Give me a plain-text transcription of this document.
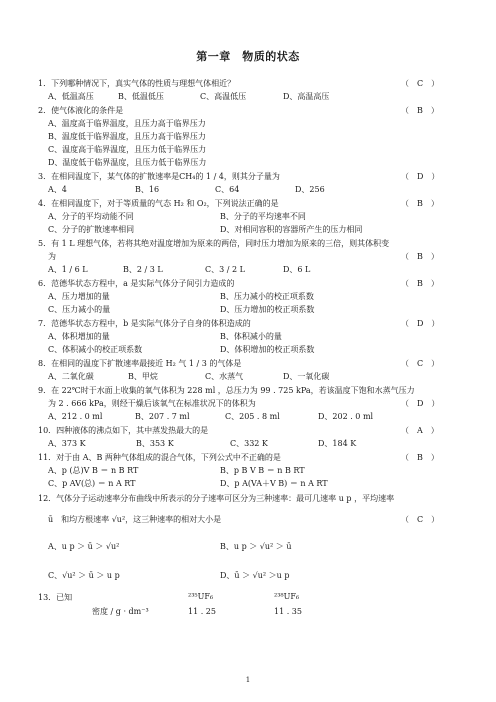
第一章　物质的状态
1．下列哪种情况下，真实气体的性质与理想气体相近？	（　C　）
A、低温高压	B、低温低压	C、高温低压	D、高温高压
2．使气体液化的条件是	（　B　）
A、温度高于临界温度，且压力高于临界压力
B、温度低于临界温度，且压力高于临界压力
C、温度高于临界温度，且压力低于临界压力
D、温度低于临界温度，且压力低于临界压力
3．在相同温度下，某气体的扩散速率是CH₄的 1 / 4，则其分子量为	（　D　）
A、4	B、16	C、64	D、256
4．在相同温度下，对于等质量的气态 H₂ 和 O₂，下列说法正确的是	（　B　）
A、分子的平均动能不同	B、分子的平均速率不同
C、分子的扩散速率相同	D、对相同容积的容器所产生的压力相同
5．有 1 L 理想气体，若将其绝对温度增加为原来的两倍，同时压力增加为原来的三倍，则其体积变
为	（　B　）
A、1 / 6 L	B、2 / 3 L	C、3 / 2 L	D、6 L
6．范德华状态方程中，a 是实际气体分子间引力造成的	（　B　）
A、压力增加的量	B、压力减小的校正项系数
C、压力减小的量	D、压力增加的校正项系数
7．范德华状态方程中，b 是实际气体分子自身的体积造成的	（　D　）
A、体积增加的量	B、体积减小的量
C、体积减小的校正项系数	D、体积增加的校正项系数
8．在相同的温度下扩散速率最接近 H₂ 气 1 / 3 的气体是	（　C　）
A、二氧化碳	B、甲烷	C、水蒸气	D、一氧化碳
9．在 22℃时于水面上收集的氧气体积为 228 ml ，总压力为 99 . 725 kPa，若该温度下饱和水蒸气压力
为 2 . 666 kPa，则经干燥后该氧气在标准状况下的体积为	（　D　）
A、212 . 0 ml	B、207 . 7 ml	C、205 . 8 ml	D、202 . 0 ml
10．四种液体的沸点如下，其中蒸发热最大的是	（　A　）
A、373 K	B、353 K	C、332 K	D、184 K
11．对于由 A、B 两种气体组成的混合气体，下列公式中不正确的是	（　B　）
A、p (总)V B ＝ n B RT	B、p B V B ＝ n B RT
C、p AV(总) ＝ n A RT	D、p A(VA＋V B) ＝ n A RT
12．气体分子运动速率分布曲线中所表示的分子速率可区分为三种速率：最可几速率 u p ，平均速率
ū　和均方根速率 √u²，这三种速率的相对大小是	（　C　）
A、u p ＞ ū ＞ √u²	B、u p ＞ √u² ＞ ū
C、√u² ＞ ū ＞ u p	D、ū ＞ √u² ＞u p
13．已知	²³⁵UF₆	²³⁸UF₆
密度 / g · dm⁻³	11 . 25	11 . 35
1
